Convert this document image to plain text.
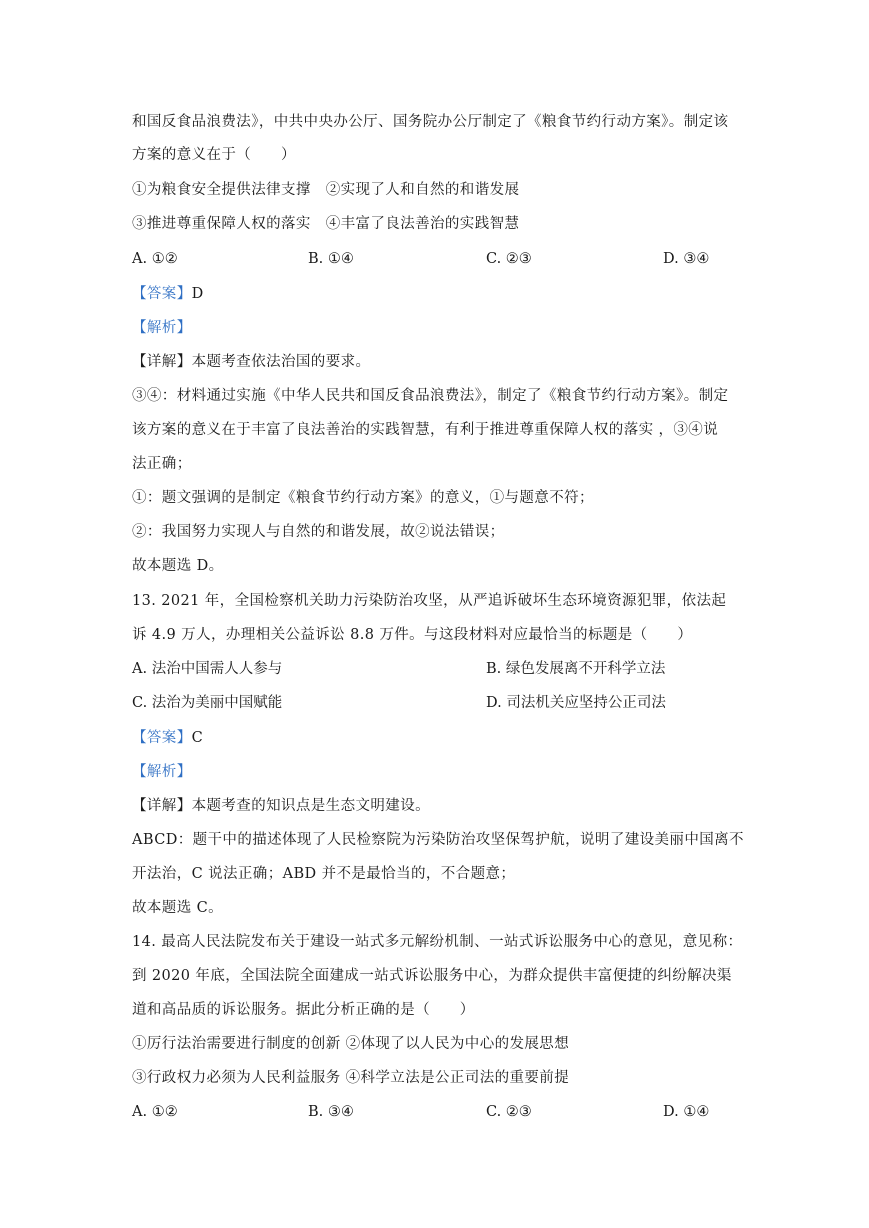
和国反食品浪费法》，中共中央办公厅、国务院办公厅制定了《粮食节约行动方案》。制定该
方案的意义在于（　　）
①为粮食安全提供法律支撑　②实现了人和自然的和谐发展
③推进尊重保障人权的落实　④丰富了良法善治的实践智慧
A. ①②	B. ①④	C. ②③	D. ③④
【答案】D
【解析】
【详解】本题考查依法治国的要求。
③④：材料通过实施《中华人民共和国反食品浪费法》，制定了《粮食节约行动方案》。制定
该方案的意义在于丰富了良法善治的实践智慧，有利于推进尊重保障人权的落实 ，③④说
法正确；
①：题文强调的是制定《粮食节约行动方案》的意义，①与题意不符；
②：我国努力实现人与自然的和谐发展，故②说法错误；
故本题选 D。
13. 2021 年，全国检察机关助力污染防治攻坚，从严追诉破坏生态环境资源犯罪，依法起
诉 4.9 万人，办理相关公益诉讼 8.8 万件。与这段材料对应最恰当的标题是（　　）
A. 法治中国需人人参与	B. 绿色发展离不开科学立法
C. 法治为美丽中国赋能	D. 司法机关应坚持公正司法
【答案】C
【解析】
【详解】本题考查的知识点是生态文明建设。
ABCD：题干中的描述体现了人民检察院为污染防治攻坚保驾护航，说明了建设美丽中国离不
开法治，C 说法正确；ABD 并不是最恰当的，不合题意；
故本题选 C。
14. 最高人民法院发布关于建设一站式多元解纷机制、一站式诉讼服务中心的意见，意见称：
到 2020 年底，全国法院全面建成一站式诉讼服务中心，为群众提供丰富便捷的纠纷解决渠
道和高品质的诉讼服务。据此分析正确的是（　　）
①厉行法治需要进行制度的创新 ②体现了以人民为中心的发展思想
③行政权力必须为人民利益服务 ④科学立法是公正司法的重要前提
A. ①②	B. ③④	C. ②③	D. ①④
